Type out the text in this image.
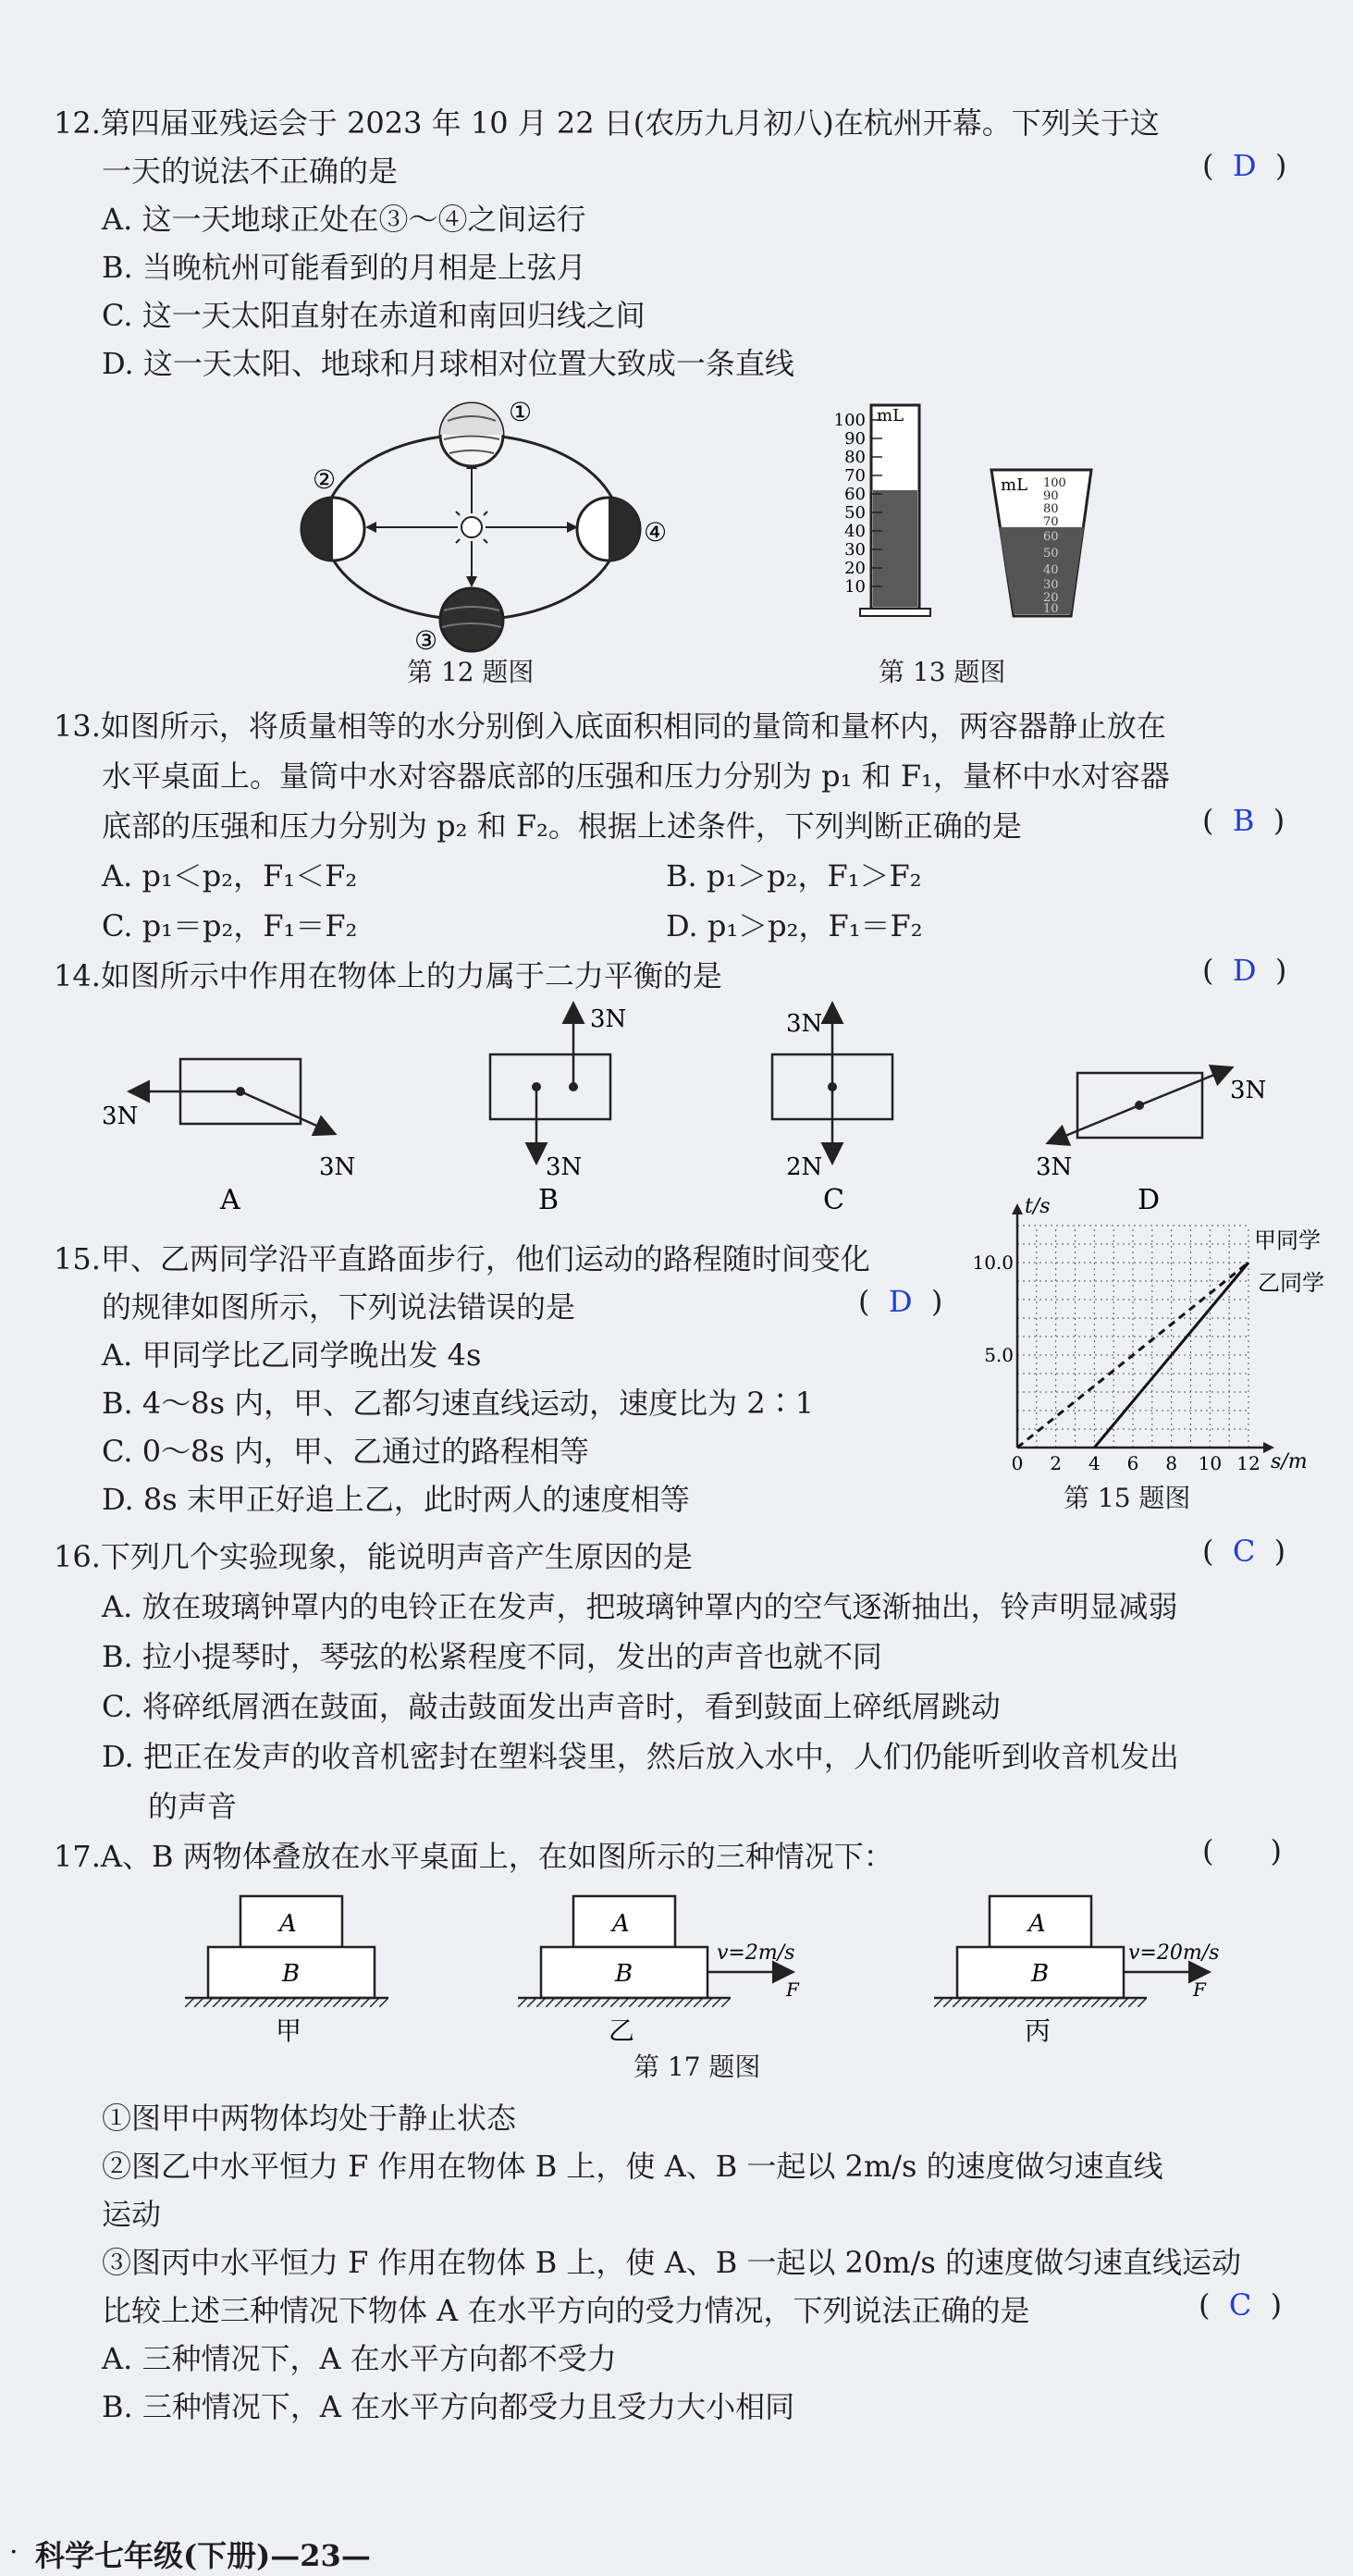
12.第四届亚残运会于 2023 年 10 月 22 日(农历九月初八)在杭州开幕。下列关于这
一天的说法不正确的是	(  D  )
A. 这一天地球正处在③～④之间运行
B. 当晚杭州可能看到的月相是上弦月
C. 这一天太阳直射在赤道和南回归线之间
D. 这一天太阳、地球和月球相对位置大致成一条直线
①
②
③
④
第 12 题图
mL
100
90
80
70
60
50
40
30
20
10
mL 100
90
80
70
60
50
40
30
20
10
第 13 题图
13.如图所示，将质量相等的水分别倒入底面积相同的量筒和量杯内，两容器静止放在
水平桌面上。量筒中水对容器底部的压强和压力分别为 p₁ 和 F₁，量杯中水对容器
底部的压强和压力分别为 p₂ 和 F₂。根据上述条件，下列判断正确的是	(  B  )
A. p₁＜p₂，F₁＜F₂	B. p₁＞p₂，F₁＞F₂
C. p₁＝p₂，F₁＝F₂	D. p₁＞p₂，F₁＝F₂
14.如图所示中作用在物体上的力属于二力平衡的是	(  D  )
3N
3N
A
3N
3N
B
3N
2N
C
3N
3N
D
15.甲、乙两同学沿平直路面步行，他们运动的路程随时间变化
的规律如图所示，下列说法错误的是	(  D  )
A. 甲同学比乙同学晚出发 4s
B. 4～8s 内，甲、乙都匀速直线运动，速度比为 2∶1
C. 0～8s 内，甲、乙通过的路程相等
D. 8s 末甲正好追上乙，此时两人的速度相等
t/s
s/m
0 2 4 6 8 10 12
5.0
10.0
甲同学
乙同学
第 15 题图
16.下列几个实验现象，能说明声音产生原因的是	(  C  )
A. 放在玻璃钟罩内的电铃正在发声，把玻璃钟罩内的空气逐渐抽出，铃声明显减弱
B. 拉小提琴时，琴弦的松紧程度不同，发出的声音也就不同
C. 将碎纸屑洒在鼓面，敲击鼓面发出声音时，看到鼓面上碎纸屑跳动
D. 把正在发声的收音机密封在塑料袋里，然后放入水中，人们仍能听到收音机发出
的声音
17.A、B 两物体叠放在水平桌面上，在如图所示的三种情况下：	(      )
A
B
甲
A
B
v=2m/s
F
乙
A
B
v=20m/s
F
丙
第 17 题图
①图甲中两物体均处于静止状态
②图乙中水平恒力 F 作用在物体 B 上，使 A、B 一起以 2m/s 的速度做匀速直线
运动
③图丙中水平恒力 F 作用在物体 B 上，使 A、B 一起以 20m/s 的速度做匀速直线运动
比较上述三种情况下物体 A 在水平方向的受力情况，下列说法正确的是	(  C  )
A. 三种情况下，A 在水平方向都不受力
B. 三种情况下，A 在水平方向都受力且受力大小相同
· 科学七年级(下册)—23—
